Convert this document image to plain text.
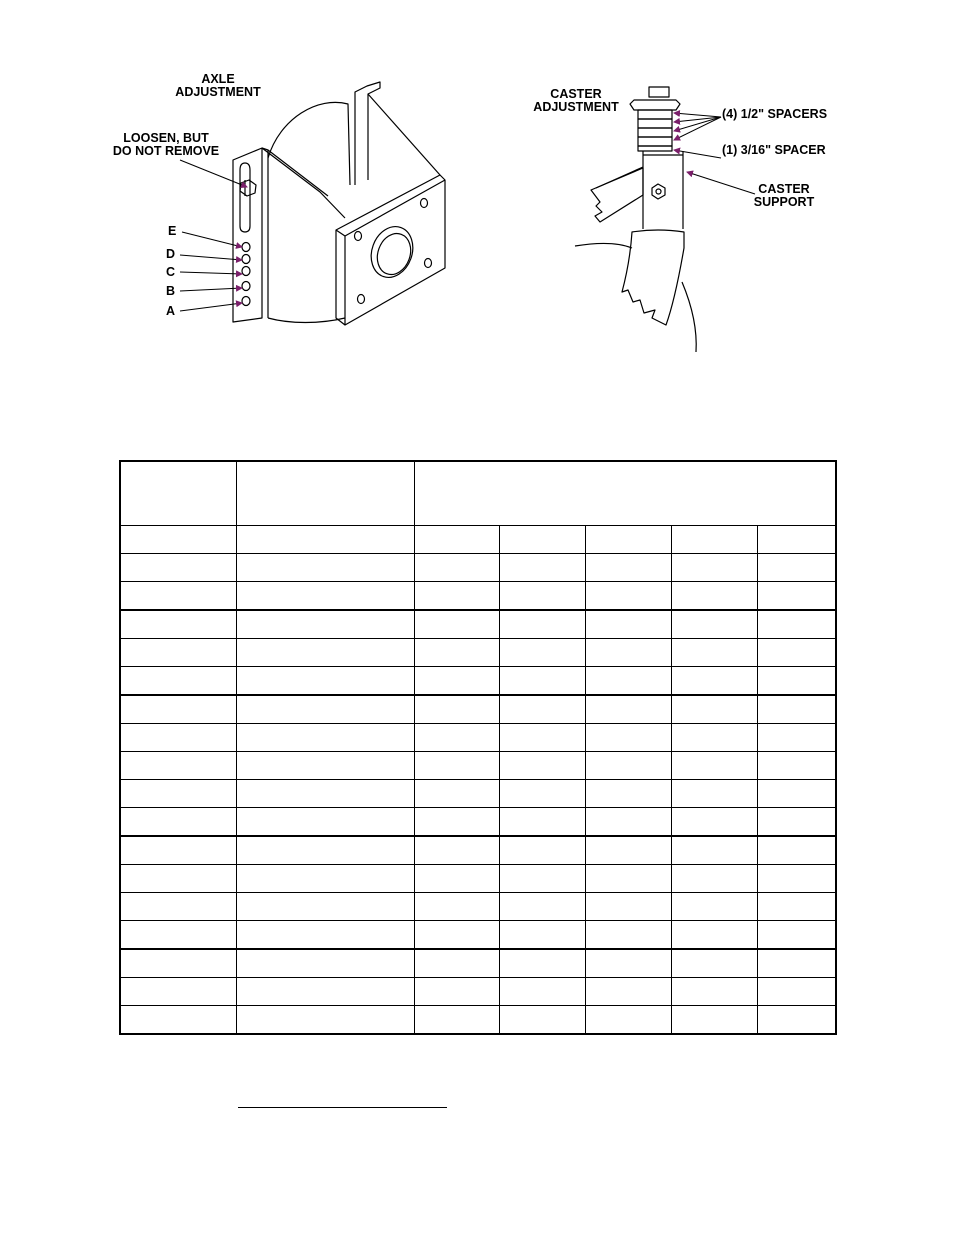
AXLE
ADJUSTMENT
LOOSEN, BUT
DO NOT REMOVE
E
D
C
B
A
CASTER
ADJUSTMENT	(4) 1/2" SPACERS
(1) 3/16" SPACER
CASTER
SUPPORT
